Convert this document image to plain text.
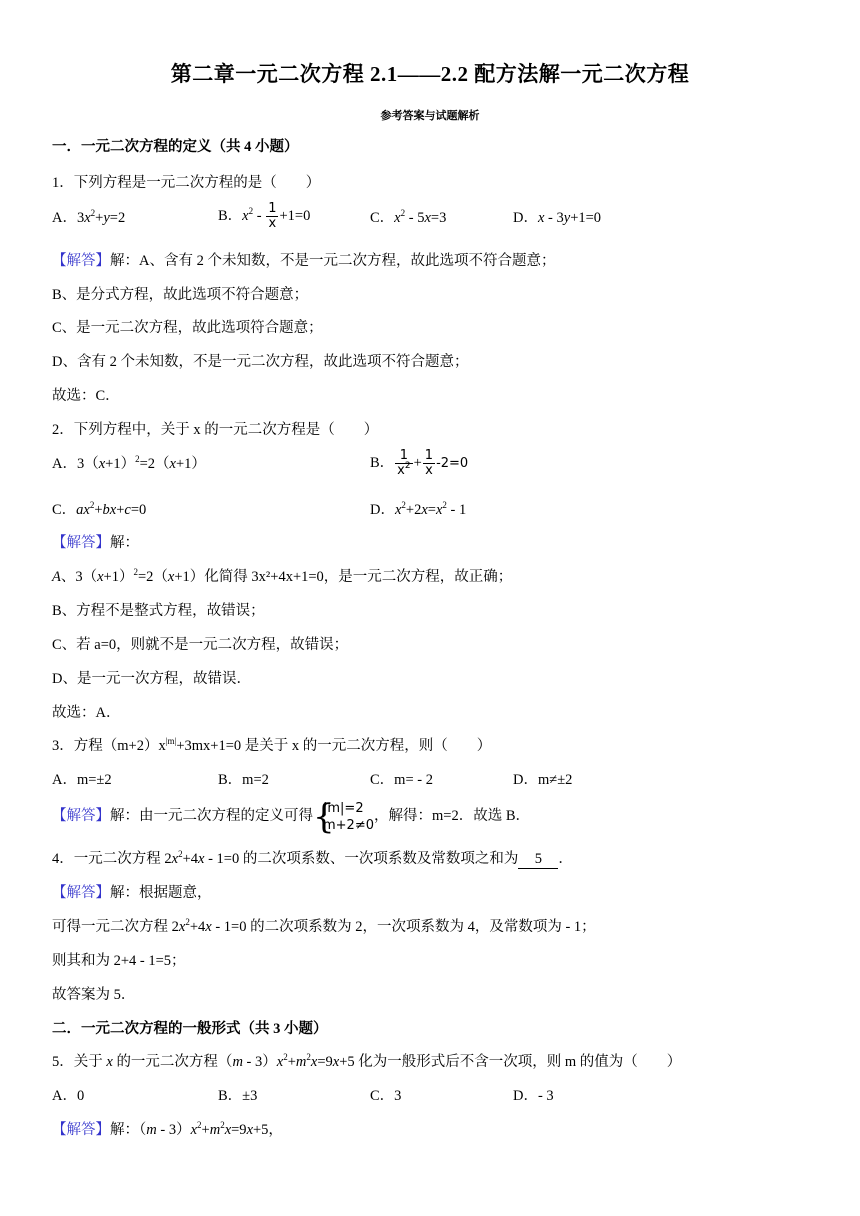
第二章一元二次方程 2.1——2.2 配方法解一元二次方程
参考答案与试题解析
一．一元二次方程的定义（共 4 小题）
1．下列方程是一元二次方程的是（　　）
A．$3x^2+y=2$	B．$x^2 - \frac{1}{x} +1=0$	C．$x^2 - 5x=3$	D．x - 3y+1=0
【解答】解：A、含有 2 个未知数，不是一元二次方程，故此选项不符合题意；
B、是分式方程，故此选项不符合题意；
C、是一元二次方程，故此选项符合题意；
D、含有 2 个未知数，不是一元二次方程，故此选项不符合题意；
故选：C．
2．下列方程中，关于 x 的一元二次方程是（　　）
A．$3(x+1)^2=2(x+1)$	B． $\frac{1}{x^2} + \frac{1}{x} -2=0$
C．$ax^2+bx+c=0$	D．$x^2+2x=x^2 - 1$
【解答】解：
A、$3(x+1)^2=2(x+1)$化简得 3x²+4x+1=0，是一元二次方程，故正确；
B、方程不是整式方程，故错误；
C、若 a=0，则就不是一元二次方程，故错误；
D、是一元一次方程，故错误．
故选：A．
3．方程$(m+2)x^{|m|}+3mx+1=0$ 是关于 x 的一元二次方程，则（　　）
A．m=±2	B．m=2	C．m= - 2	D．m≠±2
【解答】解：由一元二次方程的定义可得 {
|m|=2
m+2≠0
，解得：m=2．故选 B．
4．一元二次方程 $2x^2+4x - 1=0$ 的二次项系数、一次项系数及常数项之和为 5 ．
【解答】解：根据题意，
可得一元二次方程 $2x^2+4x - 1=0$ 的二次项系数为 2，一次项系数为 4，及常数项为 - 1；
则其和为 2+4 - 1=5；
故答案为 5．
二．一元二次方程的一般形式（共 3 小题）
5．关于 x 的一元二次方程$(m - 3)x^2+m^2x=9x+5$ 化为一般形式后不含一次项，则 m 的值为（　　）
A．0	B．±3	C．3	D．- 3
【解答】解：$(m - 3)x^2+m^2x=9x+5$，
